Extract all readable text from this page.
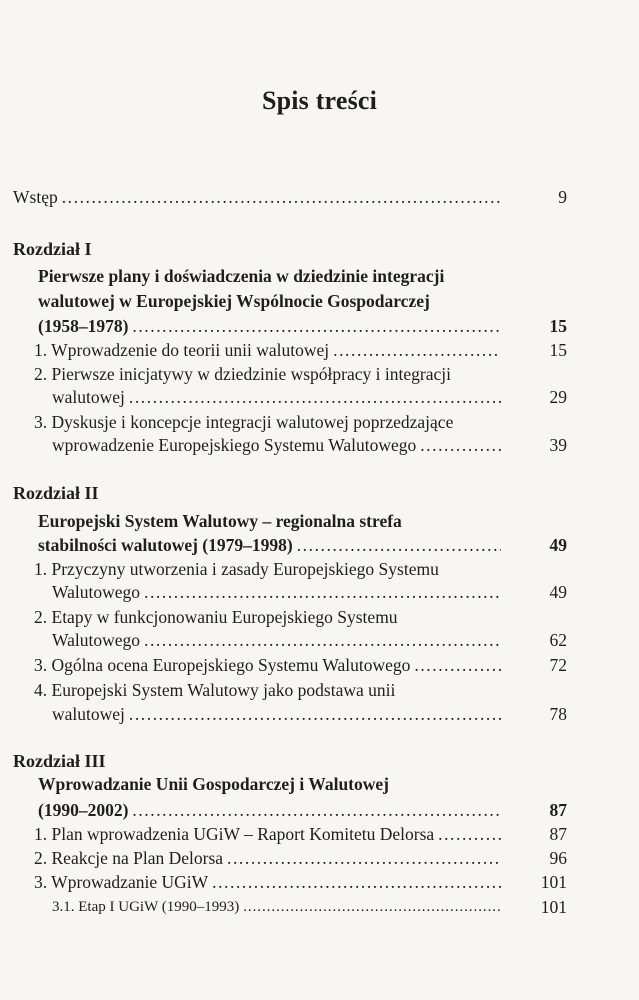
Spis treści
Wstęp . . .	9
Rozdział I
Pierwsze plany i doświadczenia w dziedzinie integracji
walutowej w Europejskiej Wspólnocie Gospodarczej
(1958–1978) . . .	15
1. Wprowadzenie do teorii unii walutowej . . .	15
2. Pierwsze inicjatywy w dziedzinie współpracy i integracji
walutowej . . .	29
3. Dyskusje i koncepcje integracji walutowej poprzedzające
wprowadzenie Europejskiego Systemu Walutowego . . .	39
Rozdział II
Europejski System Walutowy – regionalna strefa
stabilności walutowej (1979–1998) . . .	49
1. Przyczyny utworzenia i zasady Europejskiego Systemu
Walutowego . . .	49
2. Etapy w funkcjonowaniu Europejskiego Systemu
Walutowego . . .	62
3. Ogólna ocena Europejskiego Systemu Walutowego . . .	72
4. Europejski System Walutowy jako podstawa unii
walutowej . . .	78
Rozdział III
Wprowadzanie Unii Gospodarczej i Walutowej
(1990–2002) . . .	87
1. Plan wprowadzenia UGiW – Raport Komitetu Delorsa . . .	87
2. Reakcje na Plan Delorsa . . .	96
3. Wprowadzanie UGiW . . .	101
3.1. Etap I UGiW (1990–1993) . . .	101
